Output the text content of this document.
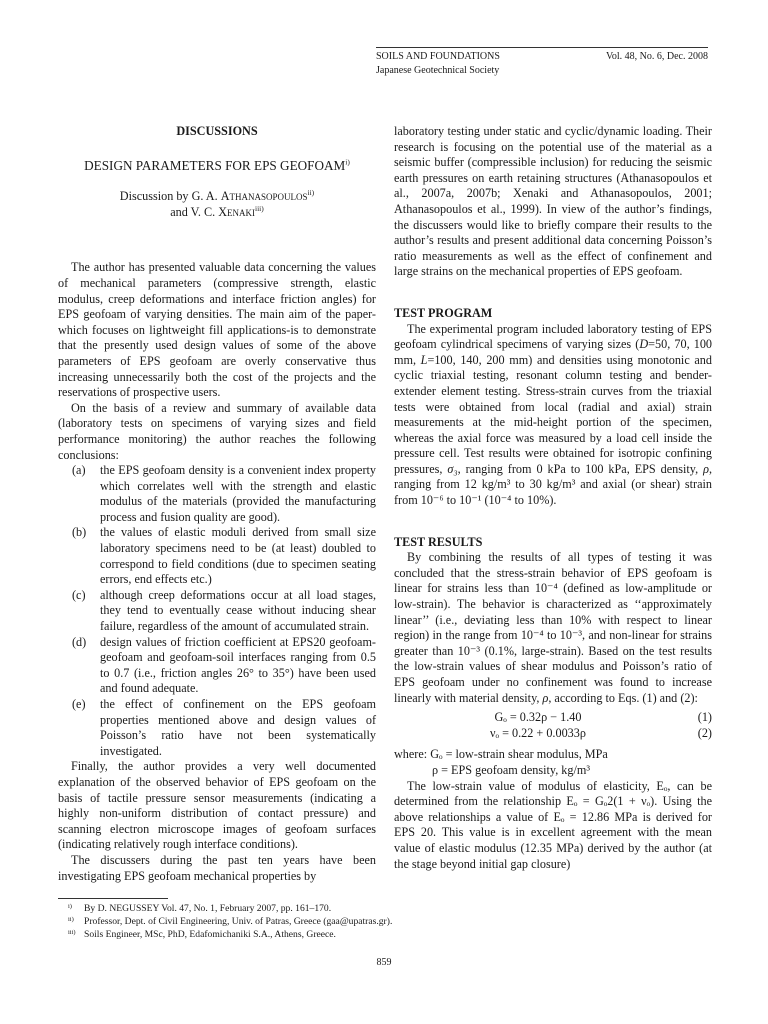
SOILS AND FOUNDATIONS	Vol. 48, No. 6, Dec. 2008
Japanese Geotechnical Society
DISCUSSIONS
DESIGN PARAMETERS FOR EPS GEOFOAM$^{i)}$
Discussion by G. A. Athanasopoulos$^{ii)}$
and V. C. Xenaki$^{iii)}$

The author has presented valuable data concerning the values of mechanical parameters (compressive strength, elastic modulus, creep deformations and interface friction angles) for EPS geofoam of varying densities. The main aim of the paper-which focuses on lightweight fill applications-is to demonstrate that the presently used design values of some of the above parameters of EPS geofoam are overly conservative thus increasing unnecessarily both the cost of the projects and the reservations of prospective users.

On the basis of a review and summary of available data (laboratory tests on specimens of varying sizes and field performance monitoring) the author reaches the following conclusions:

(a) the EPS geofoam density is a convenient index property which correlates well with the strength and elastic modulus of the materials (provided the manufacturing process and fusion quality are good).
(b) the values of elastic moduli derived from small size laboratory specimens need to be (at least) doubled to correspond to field conditions (due to specimen seating errors, end effects etc.)
(c) although creep deformations occur at all load stages, they tend to eventually cease without inducing shear failure, regardless of the amount of accumulated strain.
(d) design values of friction coefficient at EPS20 geofoam-geofoam and geofoam-soil interfaces ranging from 0.5 to 0.7 (i.e., friction angles 26° to 35°) have been used and found adequate.
(e) the effect of confinement on the EPS geofoam properties mentioned above and design values of Poisson’s ratio have not been systematically investigated.

Finally, the author provides a very well documented explanation of the observed behavior of EPS geofoam on the basis of tactile pressure sensor measurements (indicating a highly non-uniform distribution of contact pressure) and scanning electron microscope images of geofoam surfaces (indicating relatively rough interface conditions).

The discussers during the past ten years have been investigating EPS geofoam mechanical properties by

laboratory testing under static and cyclic/dynamic loading. Their research is focusing on the potential use of the material as a seismic buffer (compressible inclusion) for reducing the seismic earth pressures on earth retaining structures (Athanasopoulos et al., 2007a, 2007b; Xenaki and Athanasopoulos, 2001; Athanasopoulos et al., 1999). In view of the author’s findings, the discussers would like to briefly compare their results to the author’s results and present additional data concerning Poisson’s ratio measurements as well as the effect of confinement and large strains on the mechanical properties of EPS geofoam.

TEST PROGRAM

The experimental program included laboratory testing of EPS geofoam cylindrical specimens of varying sizes (D=50, 70, 100 mm, L=100, 140, 200 mm) and densities using monotonic and cyclic triaxial testing, resonant column testing and bender-extender element testing. Stress-strain curves from the triaxial tests were obtained from local (radial and axial) strain measurements at the mid-height portion of the specimen, whereas the axial force was measured by a load cell inside the pressure cell. Test results were obtained for isotropic confining pressures, σ₃, ranging from 0 kPa to 100 kPa, EPS density, ρ, ranging from 12 kg/m³ to 30 kg/m³ and axial (or shear) strain from 10⁻⁶ to 10⁻¹ (10⁻⁴ to 10%).

TEST RESULTS

By combining the results of all types of testing it was concluded that the stress-strain behavior of EPS geofoam is linear for strains less than 10⁻⁴ (defined as low-amplitude or low-strain). The behavior is characterized as ‘‘approximately linear’’ (i.e., deviating less than 10% with respect to linear region) in the range from 10⁻⁴ to 10⁻³, and non-linear for strains greater than 10⁻³ (0.1%, large-strain). Based on the test results the low-strain values of shear modulus and Poisson’s ratio of EPS geofoam under no confinement was found to increase linearly with material density, ρ, according to Eqs. (1) and (2):

Gₒ = 0.32ρ − 1.40	(1)
νₒ = 0.22 + 0.0033ρ	(2)

where: Gₒ = low-strain shear modulus, MPa

ρ = EPS geofoam density, kg/m³

The low-strain value of modulus of elasticity, Eₒ, can be determined from the relationship Eₒ = Gₒ2(1 + νₒ). Using the above relationships a value of Eₒ = 12.86 MPa is derived for EPS 20. This value is in excellent agreement with the mean value of elastic modulus (12.35 MPa) derived by the author (at the stage beyond initial gap closure)

i) By D. NEGUSSEY Vol. 47, No. 1, February 2007, pp. 161–170.
ii) Professor, Dept. of Civil Engineering, Univ. of Patras, Greece (gaa@upatras.gr).
iii) Soils Engineer, MSc, PhD, Edafomichaniki S.A., Athens, Greece.
859
